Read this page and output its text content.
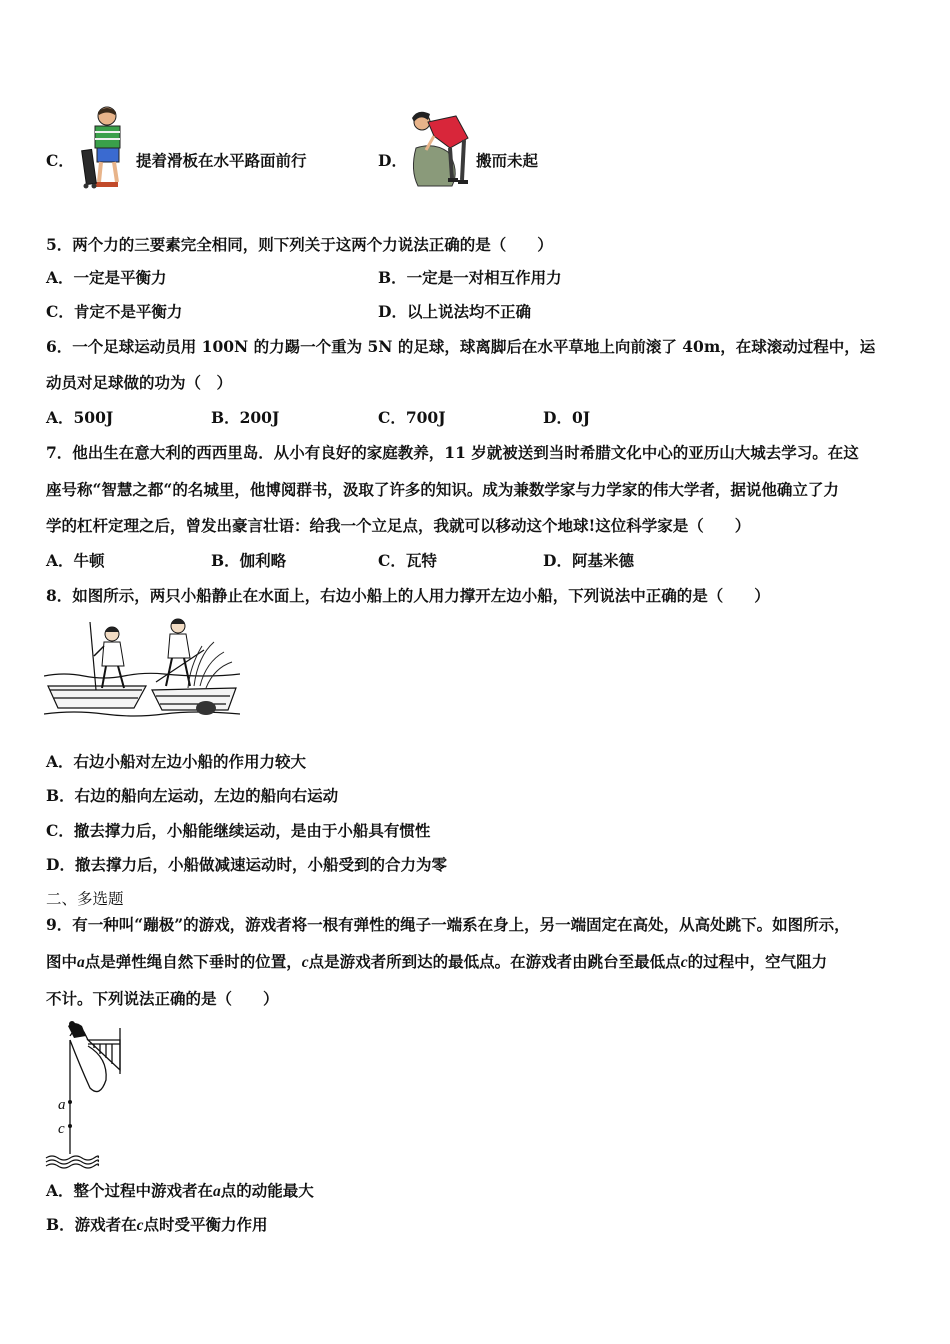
C．	提着滑板在水平路面前行	D．	搬而未起
5．两个力的三要素完全相同，则下列关于这两个力说法正确的是（　　）
A．一定是平衡力	B．一定是一对相互作用力
C．肯定不是平衡力	D．以上说法均不正确
6．一个足球运动员用 100N 的力踢一个重为 5N 的足球，球离脚后在水平草地上向前滚了 40m，在球滚动过程中，运
动员对足球做的功为（　）
A．500J	B．200J	C．700J	D．0J
7．他出生在意大利的西西里岛．从小有良好的家庭教养，11 岁就被送到当时希腊文化中心的亚历山大城去学习。在这
座号称“智慧之都“的名城里，他博阅群书，汲取了许多的知识。成为兼数学家与力学家的伟大学者，据说他确立了力
学的杠杆定理之后，曾发出豪言壮语：给我一个立足点，我就可以移动这个地球!这位科学家是（　　）
A．牛顿	B．伽利略	C．瓦特	D．阿基米德
8．如图所示，两只小船静止在水面上，右边小船上的人用力撑开左边小船，下列说法中正确的是（　　）
A．右边小船对左边小船的作用力较大
B．右边的船向左运动，左边的船向右运动
C．撤去撑力后，小船能继续运动，是由于小船具有惯性
D．撤去撑力后，小船做减速运动时，小船受到的合力为零
二、多选题
9．有一种叫“蹦极”的游戏，游戏者将一根有弹性的绳子一端系在身上，另一端固定在高处，从高处跳下。如图所示，
图中a点是弹性绳自然下垂时的位置，c点是游戏者所到达的最低点。在游戏者由跳台至最低点c的过程中，空气阻力
不计。下列说法正确的是（　　）
a
c
A．整个过程中游戏者在a点的动能最大
B．游戏者在c点时受平衡力作用
